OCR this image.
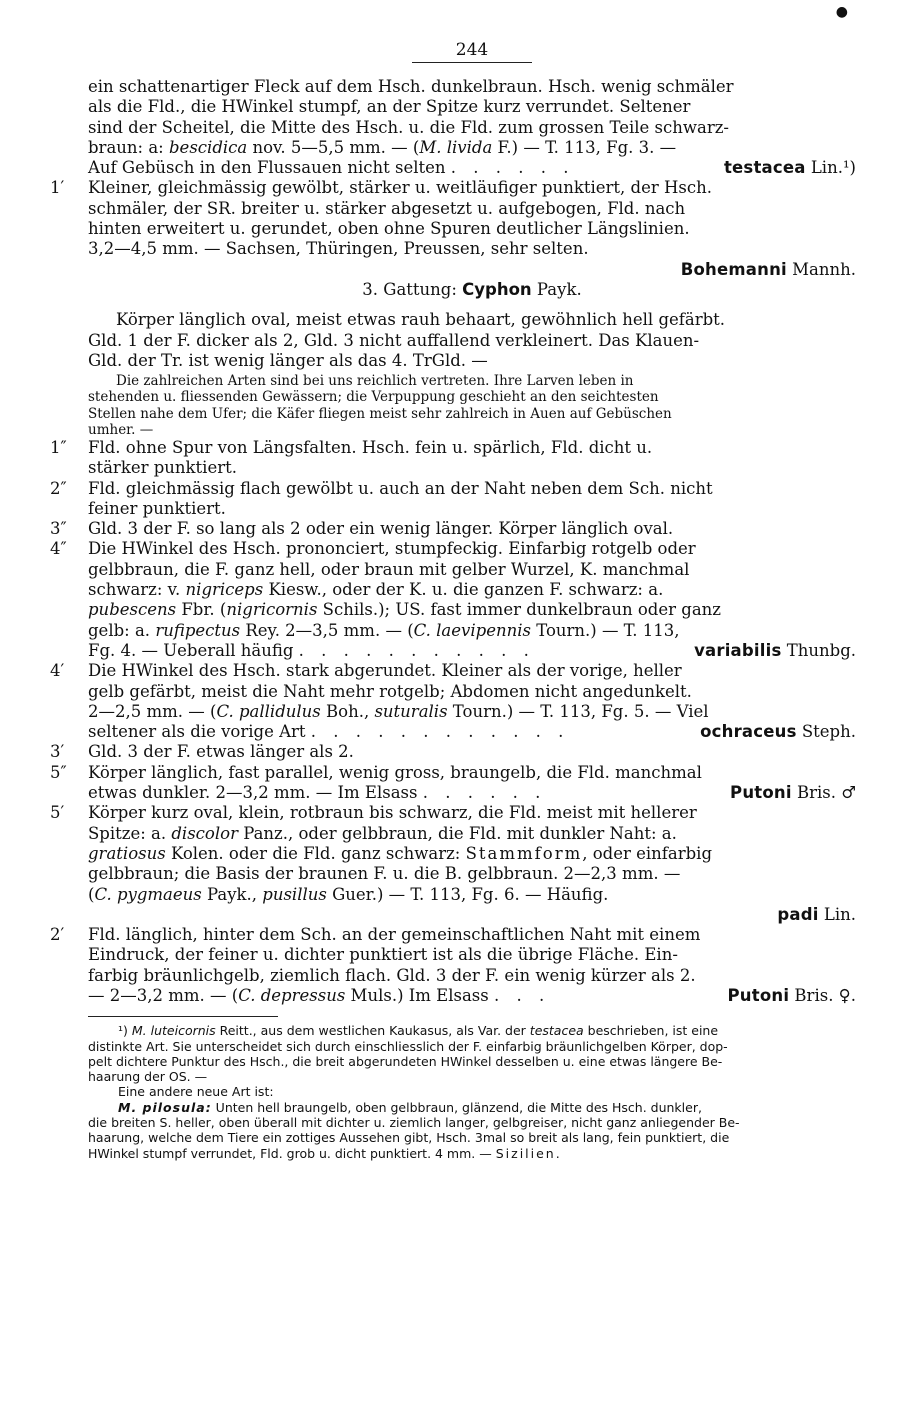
●
244

ein schattenartiger Fleck auf dem Hsch. dunkelbraun. Hsch. wenig schmäler

als die Fld., die HWinkel stumpf, an der Spitze kurz verrundet. Seltener

sind der Scheitel, die Mitte des Hsch. u. die Fld. zum grossen Teile schwarz-

braun: a: bescidica nov. 5—5,5 mm. — (M. livida F.) — T. 113, Fg. 3. —

Auf Gebüsch in den Flussauen nicht selten . . . . . .	testacea Lin.¹)

1′	Kleiner, gleichmässig gewölbt, stärker u. weitläufiger punktiert, der Hsch.

schmäler, der SR. breiter u. stärker abgesetzt u. aufgebogen, Fld. nach

hinten erweitert u. gerundet, oben ohne Spuren deutlicher Längslinien.

3,2—4,5 mm. — Sachsen, Thüringen, Preussen, sehr selten.

Bohemanni Mannh.

3. Gattung: Cyphon Payk.

Körper länglich oval, meist etwas rauh behaart, gewöhnlich hell gefärbt.

Gld. 1 der F. dicker als 2, Gld. 3 nicht auffallend verkleinert. Das Klauen-

Gld. der Tr. ist wenig länger als das 4. TrGld. —

Die zahlreichen Arten sind bei uns reichlich vertreten. Ihre Larven leben in

stehenden u. fliessenden Gewässern; die Verpuppung geschieht an den seichtesten

Stellen nahe dem Ufer; die Käfer fliegen meist sehr zahlreich in Auen auf Gebüschen

umher. —

1″	Fld. ohne Spur von Längsfalten. Hsch. fein u. spärlich, Fld. dicht u.

stärker punktiert.

2″	Fld. gleichmässig flach gewölbt u. auch an der Naht neben dem Sch. nicht

feiner punktiert.

3″	Gld. 3 der F. so lang als 2 oder ein wenig länger. Körper länglich oval.

4″	Die HWinkel des Hsch. prononciert, stumpfeckig. Einfarbig rotgelb oder

gelbbraun, die F. ganz hell, oder braun mit gelber Wurzel, K. manchmal

schwarz: v. nigriceps Kiesw., oder der K. u. die ganzen F. schwarz: a.

pubescens Fbr. (nigricornis Schils.); US. fast immer dunkelbraun oder ganz

gelb: a. rufipectus Rey. 2—3,5 mm. — (C. laevipennis Tourn.) — T. 113,

Fg. 4. — Ueberall häufig . . . . . . . . . . .	variabilis Thunbg.

4′	Die HWinkel des Hsch. stark abgerundet. Kleiner als der vorige, heller

gelb gefärbt, meist die Naht mehr rotgelb; Abdomen nicht angedunkelt.

2—2,5 mm. — (C. pallidulus Boh., suturalis Tourn.) — T. 113, Fg. 5. — Viel

seltener als die vorige Art . . . . . . . . . . . .	ochraceus Steph.

3′	Gld. 3 der F. etwas länger als 2.

5″	Körper länglich, fast parallel, wenig gross, braungelb, die Fld. manchmal

etwas dunkler. 2—3,2 mm. — Im Elsass . . . . . .	Putoni Bris. ♂

5′	Körper kurz oval, klein, rotbraun bis schwarz, die Fld. meist mit hellerer

Spitze: a. discolor Panz., oder gelbbraun, die Fld. mit dunkler Naht: a.

gratiosus Kolen. oder die Fld. ganz schwarz: Stammform, oder einfarbig

gelbbraun; die Basis der braunen F. u. die B. gelbbraun. 2—2,3 mm. —

(C. pygmaeus Payk., pusillus Guer.) — T. 113, Fg. 6. — Häufig.

padi Lin.

2′	Fld. länglich, hinter dem Sch. an der gemeinschaftlichen Naht mit einem

Eindruck, der feiner u. dichter punktiert ist als die übrige Fläche. Ein-

farbig bräunlichgelb, ziemlich flach. Gld. 3 der F. ein wenig kürzer als 2.

— 2—3,2 mm. — (C. depressus Muls.) Im Elsass . . .	Putoni Bris. ♀.

¹) M. luteicornis Reitt., aus dem westlichen Kaukasus, als Var. der testacea beschrieben, ist eine

distinkte Art. Sie unterscheidet sich durch einschliesslich der F. einfarbig bräunlichgelben Körper, dop-

pelt dichtere Punktur des Hsch., die breit abgerundeten HWinkel desselben u. eine etwas längere Be-

haarung der OS. —

Eine andere neue Art ist:

M. pilosula: Unten hell braungelb, oben gelbbraun, glänzend, die Mitte des Hsch. dunkler,

die breiten S. heller, oben überall mit dichter u. ziemlich langer, gelbgreiser, nicht ganz anliegender Be-

haarung, welche dem Tiere ein zottiges Aussehen gibt, Hsch. 3mal so breit als lang, fein punktiert, die

HWinkel stumpf verrundet, Fld. grob u. dicht punktiert. 4 mm. — Sizilien.
